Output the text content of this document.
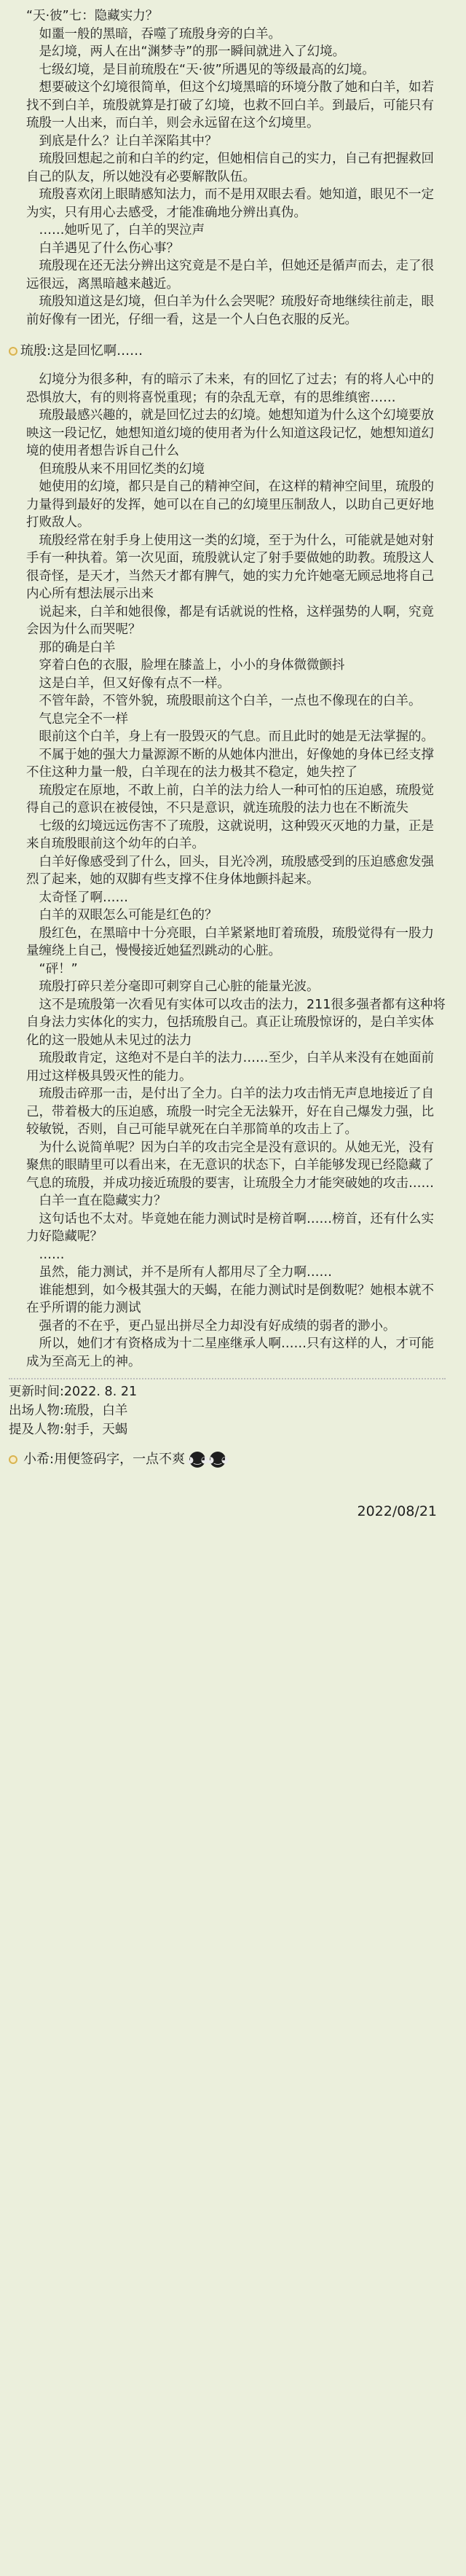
“天·彼”七：隐藏实力？

　如噩一般的黑暗，吞噬了琉殷身旁的白羊。

　是幻境，两人在出“渊梦寺”的那一瞬间就进入了幻境。

　七级幻境，是目前琉殷在“天·彼”所遇见的等级最高的幻境。

　想要破这个幻境很简单，但这个幻境黑暗的环境分散了她和白羊，如若找不到白羊，琉殷就算是打破了幻境，也救不回白羊。到最后，可能只有琉殷一人出来，而白羊，则会永远留在这个幻境里。

　到底是什么？让白羊深陷其中？

　琉殷回想起之前和白羊的约定，但她相信自己的实力，自己有把握救回自己的队友，所以她没有必要解散队伍。

　琉殷喜欢闭上眼睛感知法力，而不是用双眼去看。她知道，眼见不一定为实，只有用心去感受，才能准确地分辨出真伪。

　……她听见了，白羊的哭泣声

　白羊遇见了什么伤心事？

　琉殷现在还无法分辨出这究竟是不是白羊，但她还是循声而去，走了很远很远，离黑暗越来越近。

　琉殷知道这是幻境，但白羊为什么会哭呢？琉殷好奇地继续往前走，眼前好像有一团光，仔细一看，这是一个人白色衣服的反光。

琉殷:这是回忆啊……

　幻境分为很多种，有的暗示了未来，有的回忆了过去；有的将人心中的恐惧放大，有的则将喜悦重现；有的杂乱无章，有的思维缜密……

　琉殷最感兴趣的，就是回忆过去的幻境。她想知道为什么这个幻境要放映这一段记忆，她想知道幻境的使用者为什么知道这段记忆，她想知道幻境的使用者想告诉自己什么

　但琉殷从来不用回忆类的幻境

　她使用的幻境，都只是自己的精神空间，在这样的精神空间里，琉殷的力量得到最好的发挥，她可以在自己的幻境里压制敌人，以助自己更好地打败敌人。

　琉殷经常在射手身上使用这一类的幻境，至于为什么，可能就是她对射手有一种执着。第一次见面，琉殷就认定了射手要做她的助教。琉殷这人很奇怪，是天才，当然天才都有脾气，她的实力允许她毫无顾忌地将自己内心所有想法展示出来

　说起来，白羊和她很像，都是有话就说的性格，这样强势的人啊，究竟会因为什么而哭呢？

　那的确是白羊

　穿着白色的衣服，脸埋在膝盖上，小小的身体微微颤抖

　这是白羊，但又好像有点不一样。

　不管年龄，不管外貌，琉殷眼前这个白羊，一点也不像现在的白羊。

　气息完全不一样

　眼前这个白羊，身上有一股毁灭的气息。而且此时的她是无法掌握的。

　不属于她的强大力量源源不断的从她体内泄出，好像她的身体已经支撑不住这种力量一般，白羊现在的法力极其不稳定，她失控了

　琉殷定在原地，不敢上前，白羊的法力给人一种可怕的压迫感，琉殷觉得自己的意识在被侵蚀，不只是意识，就连琉殷的法力也在不断流失

　七级的幻境远远伤害不了琉殷，这就说明，这种毁灭灭地的力量，正是来自琉殷眼前这个幼年的白羊。

　白羊好像感受到了什么，回头，目光冷冽，琉殷感受到的压迫感愈发强烈了起来，她的双脚有些支撑不住身体地颤抖起来。

　太奇怪了啊……

　白羊的双眼怎么可能是红色的？

　殷红色，在黑暗中十分亮眼，白羊紧紧地盯着琉殷，琉殷觉得有一股力量缠绕上自己，慢慢接近她猛烈跳动的心脏。

　“砰！”

　琉殷打碎只差分毫即可刺穿自己心脏的能量光波。

　这不是琉殷第一次看见有实体可以攻击的法力，211很多强者都有这种将自身法力实体化的实力，包括琉殷自己。真正让琉殷惊讶的，是白羊实体化的这一股她从未见过的法力

　琉殷敢肯定，这绝对不是白羊的法力……至少，白羊从来没有在她面前用过这样极具毁灭性的能力。

　琉殷击碎那一击，是付出了全力。白羊的法力攻击悄无声息地接近了自己，带着极大的压迫感，琉殷一时完全无法躲开，好在自己爆发力强，比较敏锐，否则，自己可能早就死在白羊那简单的攻击上了。

　为什么说简单呢？因为白羊的攻击完全是没有意识的。从她无光，没有聚焦的眼睛里可以看出来，在无意识的状态下，白羊能够发现已经隐藏了气息的琉殷，并成功接近琉殷的要害，让琉殷全力才能突破她的攻击……

　白羊一直在隐藏实力？

　这句话也不太对。毕竟她在能力测试时是榜首啊……榜首，还有什么实力好隐藏呢？

　……

　虽然，能力测试，并不是所有人都用尽了全力啊……

　谁能想到，如今极其强大的天蝎，在能力测试时是倒数呢？她根本就不在乎所谓的能力测试

　强者的不在乎，更凸显出拼尽全力却没有好成绩的弱者的渺小。

　所以，她们才有资格成为十二星座继承人啊……只有这样的人，才可能成为至高无上的神。

更新时间:2022. 8. 21
出场人物:琉殷，白羊
提及人物:射手，天蝎
小希:用便签码字，一点不爽 ◕‿◕
◕‿◕
2022/08/21
